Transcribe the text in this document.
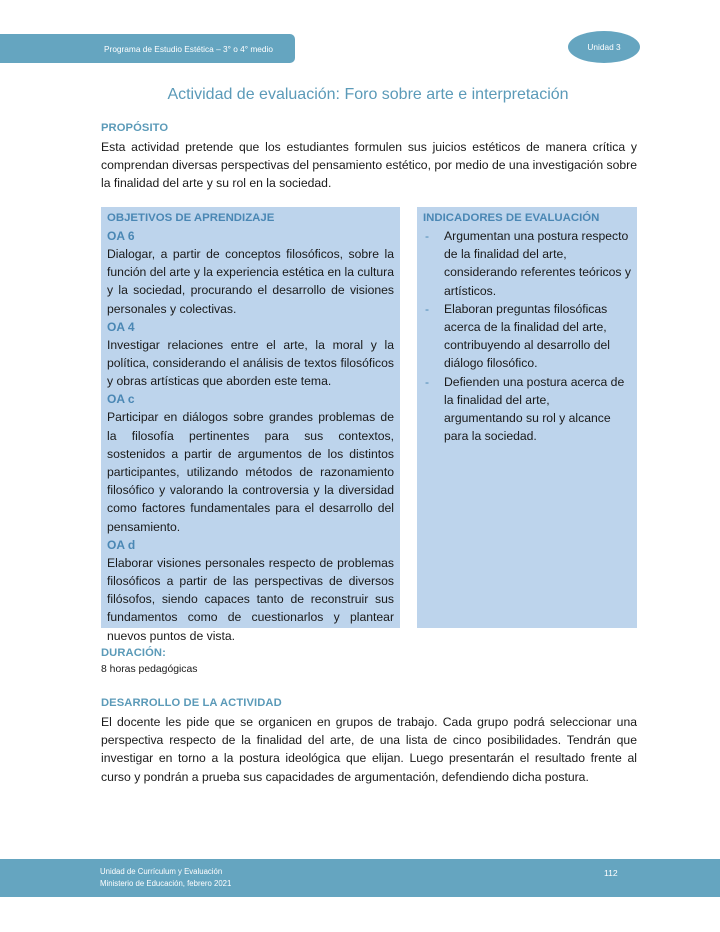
Programa de Estudio Estética – 3° o 4° medio	Unidad 3
Actividad de evaluación: Foro sobre arte e interpretación
PROPÓSITO
Esta actividad pretende que los estudiantes formulen sus juicios estéticos de manera crítica y comprendan diversas perspectivas del pensamiento estético, por medio de una investigación sobre la finalidad del arte y su rol en la sociedad.
OBJETIVOS DE APRENDIZAJE
OA 6
Dialogar, a partir de conceptos filosóficos, sobre la función del arte y la experiencia estética en la cultura y la sociedad, procurando el desarrollo de visiones personales y colectivas.
OA 4
Investigar relaciones entre el arte, la moral y la política, considerando el análisis de textos filosóficos y obras artísticas que aborden este tema.
OA c
Participar en diálogos sobre grandes problemas de la filosofía pertinentes para sus contextos, sostenidos a partir de argumentos de los distintos participantes, utilizando métodos de razonamiento filosófico y valorando la controversia y la diversidad como factores fundamentales para el desarrollo del pensamiento.
OA d
Elaborar visiones personales respecto de problemas filosóficos a partir de las perspectivas de diversos filósofos, siendo capaces tanto de reconstruir sus fundamentos como de cuestionarlos y plantear nuevos puntos de vista.
INDICADORES DE EVALUACIÓN
-	Argumentan una postura respecto de la finalidad del arte, considerando referentes teóricos y artísticos.
-	Elaboran preguntas filosóficas acerca de la finalidad del arte, contribuyendo al desarrollo del diálogo filosófico.
-	Defienden una postura acerca de la finalidad del arte, argumentando su rol y alcance para la sociedad.
DURACIÓN:
8 horas pedagógicas
DESARROLLO DE LA ACTIVIDAD
El docente les pide que se organicen en grupos de trabajo. Cada grupo podrá seleccionar una perspectiva respecto de la finalidad del arte, de una lista de cinco posibilidades. Tendrán que investigar en torno a la postura ideológica que elijan. Luego presentarán el resultado frente al curso y pondrán a prueba sus capacidades de argumentación, defendiendo dicha postura.
Unidad de Currículum y Evaluación
Ministerio de Educación, febrero 2021
112
